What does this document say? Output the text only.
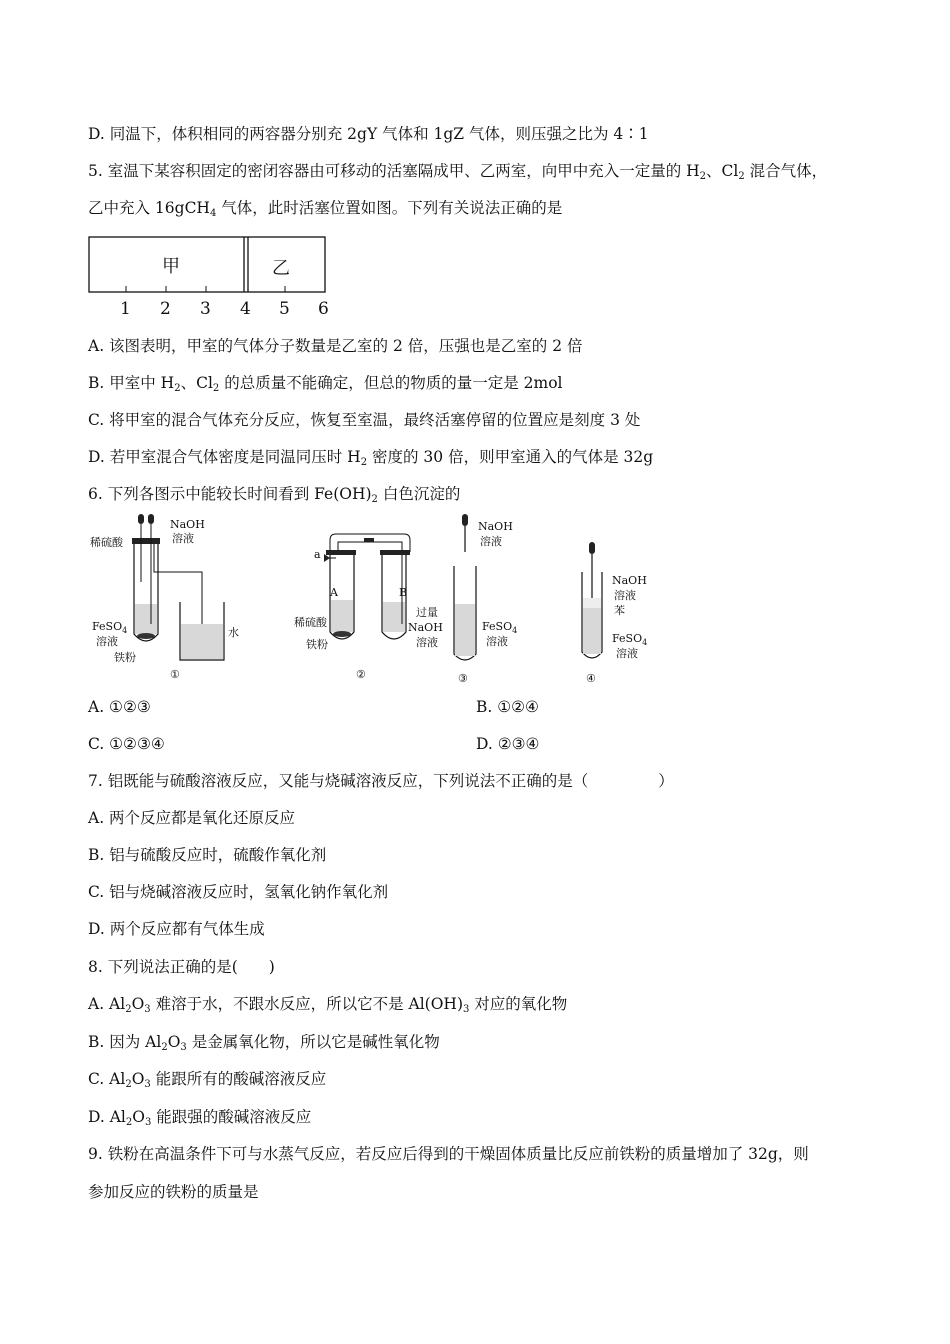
D. 同温下，体积相同的两容器分别充 2gY 气体和 1gZ 气体，则压强之比为 4∶1
5. 室温下某容积固定的密闭容器由可移动的活塞隔成甲、乙两室，向甲中充入一定量的 $H_2$、$Cl_2$ 混合气体，
乙中充入 16gCH$_4$ 气体，此时活塞位置如图。下列有关说法正确的是
甲	乙
1 2 3 4 5 6
A. 该图表明，甲室的气体分子数量是乙室的 2 倍，压强也是乙室的 2 倍
B. 甲室中 $H_2$、$Cl_2$ 的总质量不能确定，但总的物质的量一定是 2mol
C. 将甲室的混合气体充分反应，恢复至室温，最终活塞停留的位置应是刻度 3 处
D. 若甲室混合气体密度是同温同压时 $H_2$ 密度的 30 倍，则甲室通入的气体是 32g
6. 下列各图示中能较长时间看到 $Fe(OH)_2$ 白色沉淀的
稀硫酸
NaOH
溶液
FeSO$_4$
溶液
铁粉
水
①
a
A	B
稀硫酸
铁粉
过量
NaOH
溶液
②
NaOH
溶液
FeSO$_4$
溶液
③
NaOH
溶液
苯
FeSO$_4$
溶液
④
A. ①②③	B. ①②④
C. ①②③④	D. ②③④
7. 铝既能与硫酸溶液反应，又能与烧碱溶液反应，下列说法不正确的是（	）
A. 两个反应都是氧化还原反应
B. 铝与硫酸反应时，硫酸作氧化剂
C. 铝与烧碱溶液反应时，氢氧化钠作氧化剂
D. 两个反应都有气体生成
8. 下列说法正确的是(　　)
A. $Al_2O_3$ 难溶于水，不跟水反应，所以它不是 $Al(OH)_3$ 对应的氧化物
B. 因为 $Al_2O_3$ 是金属氧化物，所以它是碱性氧化物
C. $Al_2O_3$ 能跟所有的酸碱溶液反应
D. $Al_2O_3$ 能跟强的酸碱溶液反应
9. 铁粉在高温条件下可与水蒸气反应，若反应后得到的干燥固体质量比反应前铁粉的质量增加了 32g，则
参加反应的铁粉的质量是
